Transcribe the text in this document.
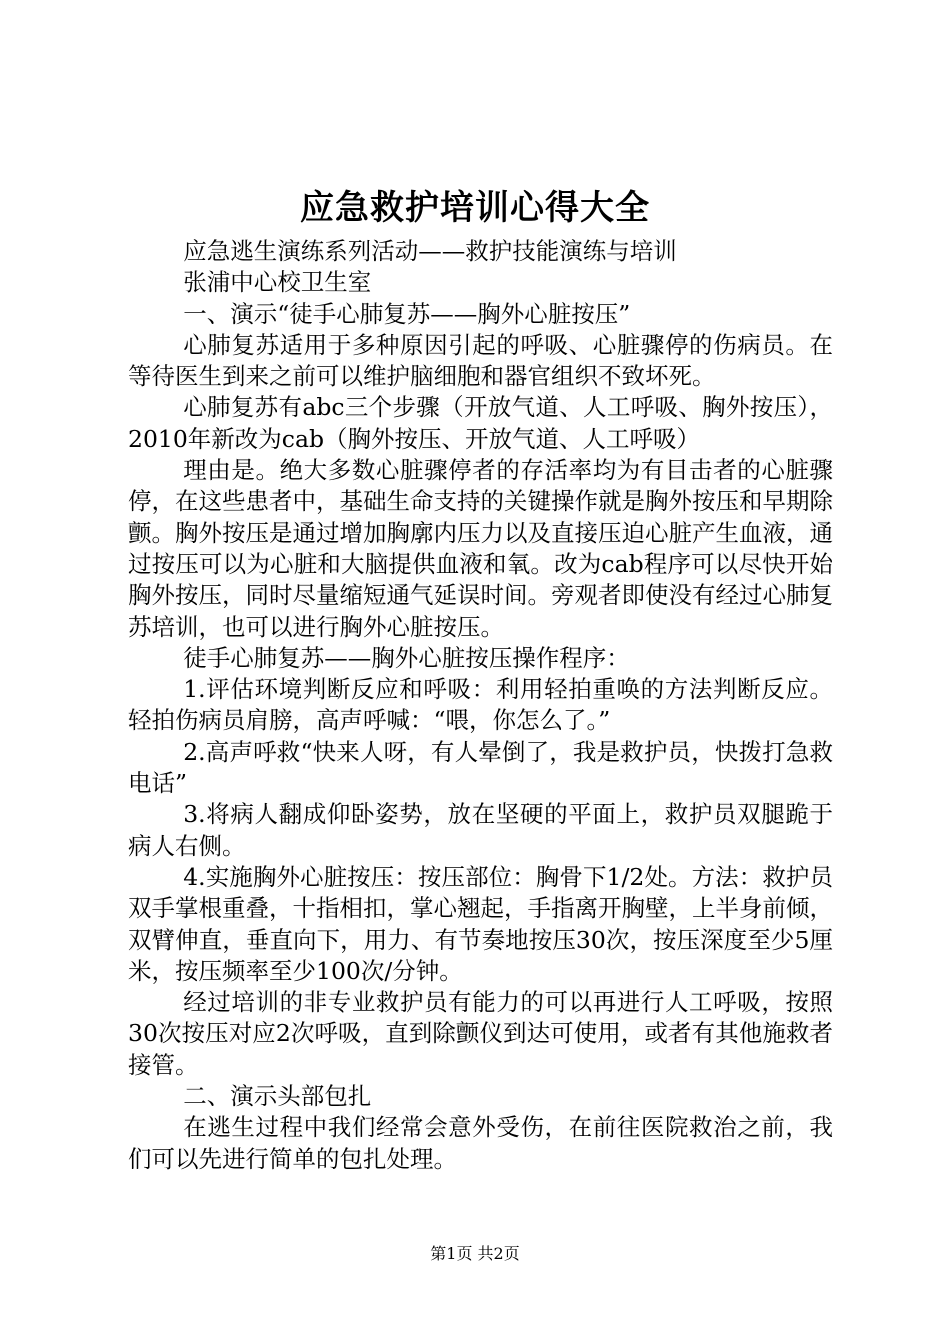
应急救护培训心得大全

应急逃生演练系列活动——救护技能演练与培训

张浦中心校卫生室

一、演示“徒手心肺复苏——胸外心脏按压”

心肺复苏适用于多种原因引起的呼吸、心脏骤停的伤病员。在等待医生到来之前可以维护脑细胞和器官组织不致坏死。

心肺复苏有abc三个步骤（开放气道、人工呼吸、胸外按压），2010年新改为cab（胸外按压、开放气道、人工呼吸）

理由是。绝大多数心脏骤停者的存活率均为有目击者的心脏骤停，在这些患者中，基础生命支持的关键操作就是胸外按压和早期除颤。胸外按压是通过增加胸廓内压力以及直接压迫心脏产生血液，通过按压可以为心脏和大脑提供血液和氧。改为cab程序可以尽快开始胸外按压，同时尽量缩短通气延误时间。旁观者即使没有经过心肺复苏培训，也可以进行胸外心脏按压。

徒手心肺复苏——胸外心脏按压操作程序：

1.评估环境判断反应和呼吸：利用轻拍重唤的方法判断反应。轻拍伤病员肩膀，高声呼喊：“喂，你怎么了。”

2.高声呼救“快来人呀，有人晕倒了，我是救护员，快拨打急救电话”

3.将病人翻成仰卧姿势，放在坚硬的平面上，救护员双腿跪于病人右侧。

4.实施胸外心脏按压：按压部位：胸骨下1/2处。方法：救护员双手掌根重叠，十指相扣，掌心翘起，手指离开胸壁，上半身前倾，双臂伸直，垂直向下，用力、有节奏地按压30次，按压深度至少5厘米，按压频率至少100次/分钟。

经过培训的非专业救护员有能力的可以再进行人工呼吸，按照30次按压对应2次呼吸，直到除颤仪到达可使用，或者有其他施救者接管。

二、演示头部包扎

在逃生过程中我们经常会意外受伤，在前往医院救治之前，我们可以先进行简单的包扎处理。

第1页 共2页
